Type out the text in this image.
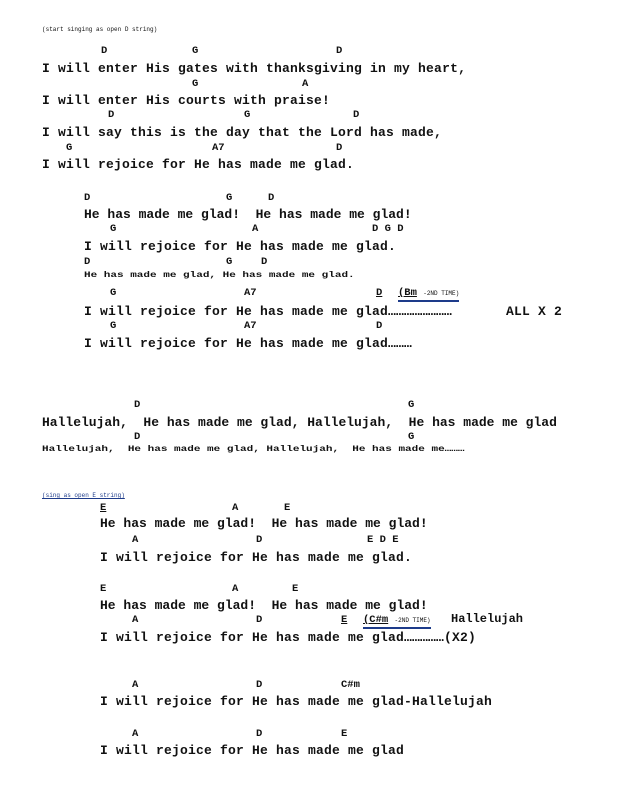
(start singing as open D string)
D	G	D
I will enter His gates with thanksgiving in my heart,
G	A
I will enter His courts with praise!
D	G	D
I will say this is the day that the Lord has made,
G	A7	D
I will rejoice for He has made me glad.
D	G	D
He has made me glad!  He has made me glad!
G	A	D G D
I will rejoice for He has made me glad.
D	G	D
He has made me glad, He has made me glad.
G	A7	D (Bm -2ND TIME)
I will rejoice for He has made me glad……………………	ALL X 2
G	A7	D
I will rejoice for He has made me glad………
D	G
Hallelujah,  He has made me glad, Hallelujah,  He has made me glad
D	G
Hallelujah,  He has made me glad, Hallelujah,  He has made me………
(sing as open E string)
E	A	E
He has made me glad!  He has made me glad!
A	D	E D E
I will rejoice for He has made me glad.
E	A	E
He has made me glad!  He has made me glad!
A	D	E (C#m -2ND TIME) Hallelujah
I will rejoice for He has made me glad……………(X2)
A	D	C#m
I will rejoice for He has made me glad-Hallelujah
A	D	E
I will rejoice for He has made me glad
